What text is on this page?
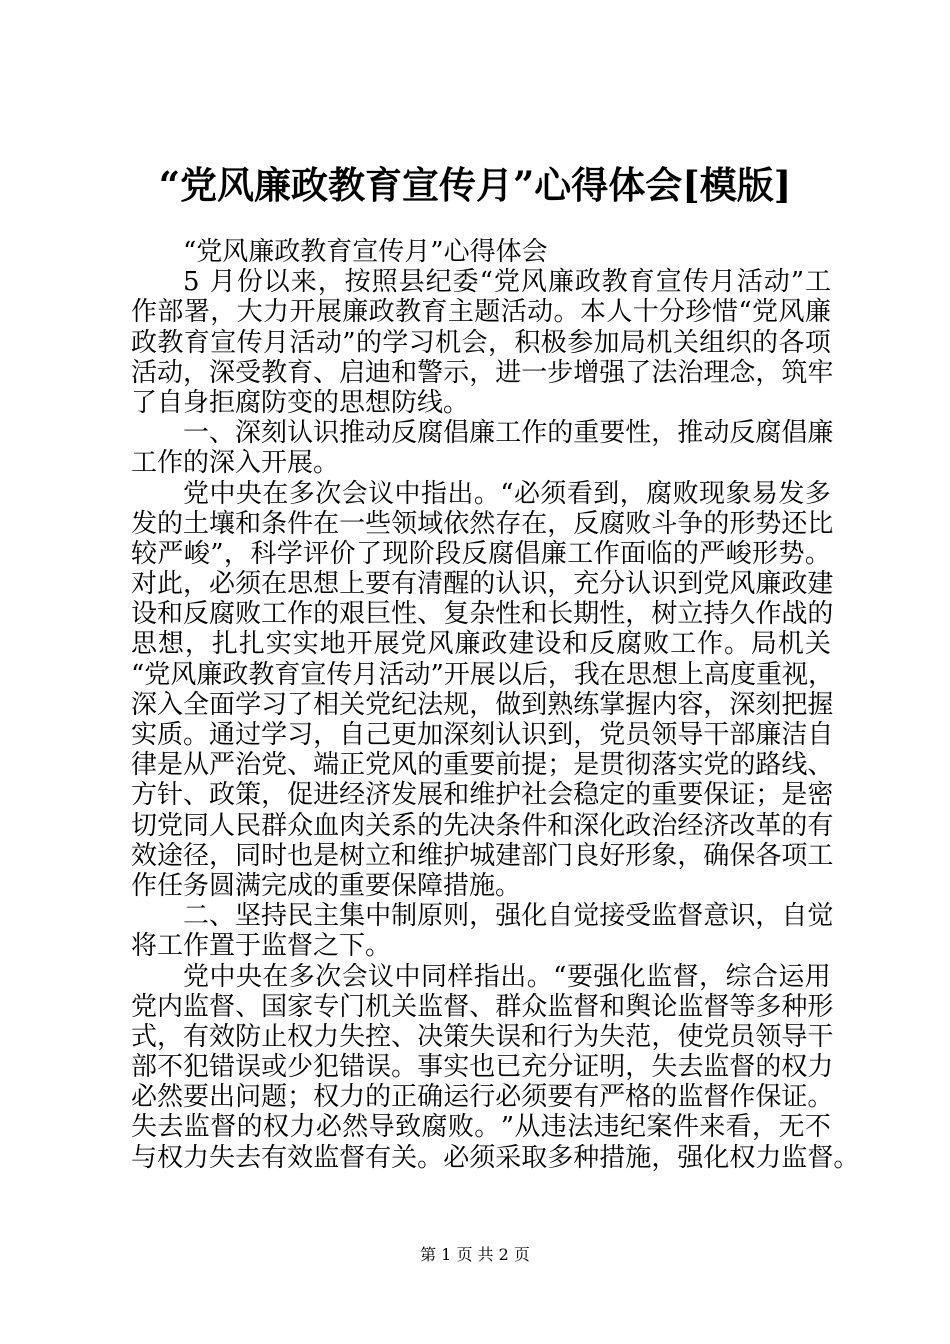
“党风廉政教育宣传月”心得体会[模版]

“党风廉政教育宣传月”心得体会

5
月 份 以 来 ， 按 照 县 纪 委 “ 党 风 廉 政 教 育 宣 传 月 活 动 ” 工

作 部 署 ， 大 力 开 展 廉 政 教 育 主 题 活 动 。 本 人 十 分 珍 惜 “ 党 风 廉

政 教 育 宣 传 月 活 动 ” 的 学 习 机 会 ， 积 极 参 加 局 机 关 组 织 的 各 项

活 动 ， 深 受 教 育 、 启 迪 和 警 示 ， 进 一 步 增 强 了 法 治 理 念 ， 筑 牢

了自身拒腐防变的思想防线。

一 、 深 刻 认 识 推 动 反 腐 倡 廉 工 作 的 重 要 性 ， 推 动 反 腐 倡 廉

工作的深入开展。

党 中 央 在 多 次 会 议 中 指 出 。 “ 必 须 看 到 ， 腐 败 现 象 易 发 多

发 的 土 壤 和 条 件 在 一 些 领 域 依 然 存 在 ， 反 腐 败 斗 争 的 形 势 还 比

较 严 峻 ” ， 科 学 评 价 了 现 阶 段 反 腐 倡 廉 工 作 面 临 的 严 峻 形 势 。

对 此 ， 必 须 在 思 想 上 要 有 清 醒 的 认 识 ， 充 分 认 识 到 党 风 廉 政 建

设 和 反 腐 败 工 作 的 艰 巨 性 、 复 杂 性 和 长 期 性 ， 树 立 持 久 作 战 的

思 想 ， 扎 扎 实 实 地 开 展 党 风 廉 政 建 设 和 反 腐 败 工 作 。 局 机 关

“ 党 风 廉 政 教 育 宣 传 月 活 动 ” 开 展 以 后 ， 我 在 思 想 上 高 度 重 视 ，

深 入 全 面 学 习 了 相 关 党 纪 法 规 ， 做 到 熟 练 掌 握 内 容 ， 深 刻 把 握

实 质 。 通 过 学 习 ， 自 己 更 加 深 刻 认 识 到 ， 党 员 领 导 干 部 廉 洁 自

律 是 从 严 治 党 、 端 正 党 风 的 重 要 前 提 ； 是 贯 彻 落 实 党 的 路 线 、

方 针 、 政 策 ， 促 进 经 济 发 展 和 维 护 社 会 稳 定 的 重 要 保 证 ； 是 密

切 党 同 人 民 群 众 血 肉 关 系 的 先 决 条 件 和 深 化 政 治 经 济 改 革 的 有

效 途 径 ， 同 时 也 是 树 立 和 维 护 城 建 部 门 良 好 形 象 ， 确 保 各 项 工

作任务圆满完成的重要保障措施。

二 、 坚 持 民 主 集 中 制 原 则 ， 强 化 自 觉 接 受 监 督 意 识 ， 自 觉

将工作置于监督之下。

党 中 央 在 多 次 会 议 中 同 样 指 出 。 “ 要 强 化 监 督 ， 综 合 运 用

党 内 监 督 、 国 家 专 门 机 关 监 督 、 群 众 监 督 和 舆 论 监 督 等 多 种 形

式 ， 有 效 防 止 权 力 失 控 、 决 策 失 误 和 行 为 失 范 ， 使 党 员 领 导 干

部 不 犯 错 误 或 少 犯 错 误 。 事 实 也 已 充 分 证 明 ， 失 去 监 督 的 权 力

必 然 要 出 问 题 ； 权 力 的 正 确 运 行 必 须 要 有 严 格 的 监 督 作 保 证 。

失 去 监 督 的 权 力 必 然 导 致 腐 败 。 ” 从 违 法 违 纪 案 件 来 看 ， 无 不

与 权 力 失 去 有 效 监 督 有 关 。 必 须 采 取 多 种 措 施 ， 强 化 权 力 监 督 。

第 1 页 共 2 页
